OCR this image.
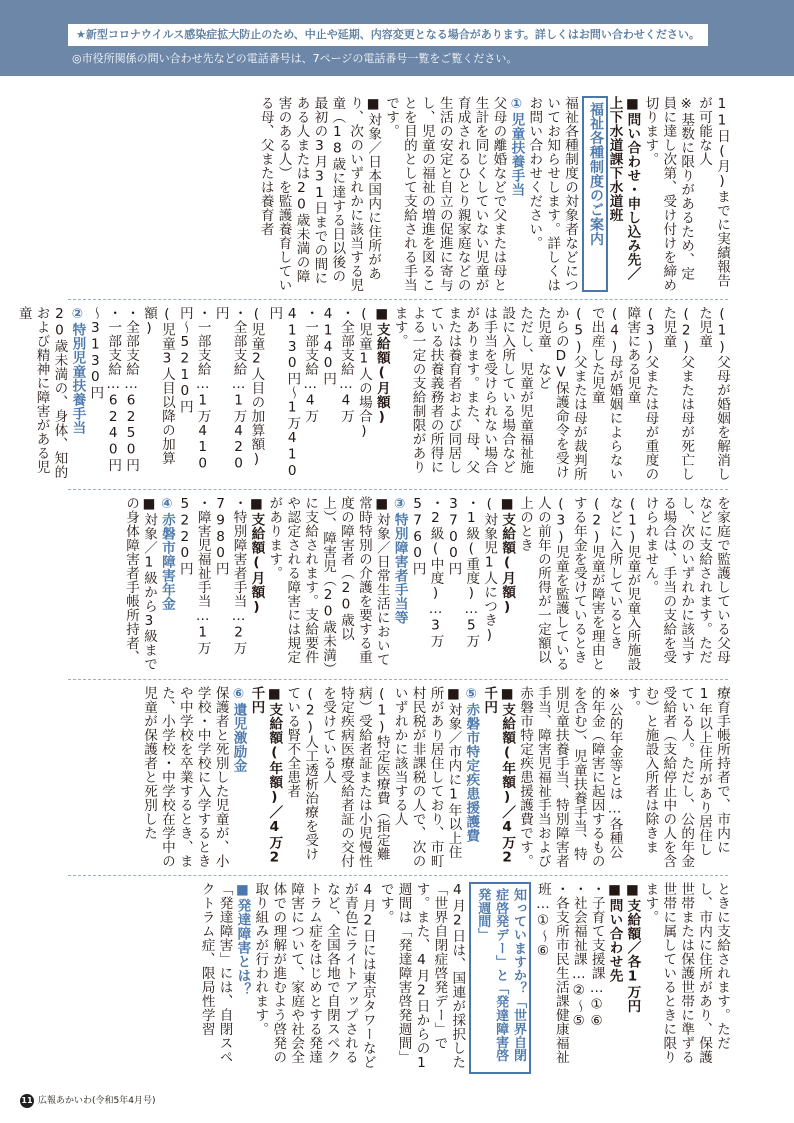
★新型コロナウイルス感染症拡大防止のため、中止や延期、内容変更となる場合があります。詳しくはお問い合わせください。
◎市役所関係の問い合わせ先などの電話番号は、7ページの電話番号一覧をご覧ください。
11日(月)までに実績報告が可能な人
※基数に限りがあるため、定員に達し次第、受け付けを締め切ります。
■問い合わせ・申し込み先／上下水道課下水道班
福祉各種制度のご案内
福祉各種制度の対象者などについてお知らせします。詳しくはお問い合わせください。
①児童扶養手当
父母の離婚などで父または母と生計を同じくしていない児童が育成されるひとり親家庭などの生活の安定と自立の促進に寄与し、児童の福祉の増進を図ることを目的として支給される手当です。
■対象／日本国内に住所があり、次のいずれかに該当する児童（18歳に達する日以後の最初の3月31日までの間にある人または20歳未満の障害のある人）を監護養育している母、父または養育者
(1)父母が婚姻を解消した児童
(2)父または母が死亡した児童
(3)父または母が重度の障害にある児童
(4)母が婚姻によらないで出産した児童
(5)父または母が裁判所からのDV保護命令を受けた児童　など
ただし、児童が児童福祉施設に入所している場合などは手当を受けられない場合があります。また、母、父または養育者および同居している扶養義務者の所得による一定の支給制限があります。
■支給額(月額)
(児童1人の場合)
・全部支給…4万4140円
・一部支給…4万4130円～1万410円
(児童2人目の加算額)
・全部支給…1万420円
・一部支給…1万410円～5210円
(児童3人目以降の加算額)
・全部支給…6250円
・一部支給…6240円～3130円
②特別児童扶養手当
20歳未満の、身体、知的および精神に障害がある児童
を家庭で監護している父母などに支給されます。ただし、次のいずれかに該当する場合は、手当の支給を受けられません。
(1)児童が児童入所施設などに入所しているとき
(2)児童が障害を理由とする年金を受けているとき
(3)児童を監護している人の前年の所得が一定額以上のとき
■支給額(月額)
(対象児1人につき)
・1級(重度)…5万3700円
・2級(中度)…3万5760円
③特別障害者手当等
■対象／日常生活において常時特別の介護を要する重度の障害者（20歳以上）、障害児（20歳未満）に支給されます。支給要件や認定される障害には規定があります。
■支給額(月額)
・特別障害者手当…2万7980円
・障害児福祉手当…1万5220円
④赤磐市障害年金
■対象／1級から3級までの身体障害者手帳所持者、
療育手帳所持者で、市内に1年以上住所があり居住している人。ただし、公的年金受給者（支給停止中の人を含む）と施設入所者は除きます。
※公的年金等とは…各種公的年金（障害に起因するものを含む）、児童扶養手当、特別児童扶養手当、特別障害者手当、障害児福祉手当および赤磐市特定疾患援護費です。
■支給額(年額)／4万2千円
⑤赤磐市特定疾患援護費
■対象／市内に1年以上住所があり居住しており、市町村民税が非課税の人で、次のいずれかに該当する人
(1)特定医療費（指定難病）受給者証または小児慢性特定疾病医療受給者証の交付を受けている人
(2)人工透析治療を受けている腎不全患者
■支給額(年額)／4万2千円
⑥遺児激励金
保護者と死別した児童が、小学校・中学校に入学するときや中学校を卒業するとき、また、小学校・中学校在学中の児童が保護者と死別した
ときに支給されます。ただし、市内に住所があり、保護世帯または保護世帯に準ずる世帯に属しているときに限ります。
■支給額／各1万円
■問い合わせ先
・子育て支援課…①⑥
・社会福祉課…②～⑤
・各支所市民生活課健康福祉班…①～⑥
知っていますか？「世界自閉症啓発デー」と「発達障害啓発週間」
4月2日は、国連が採択した「世界自閉症啓発デー」です。また、4月2日からの1週間は「発達障害啓発週間」です。
4月2日には東京タワーなどが青色にライトアップされるなど、全国各地で自閉スペクトラム症をはじめとする発達障害について、家庭や社会全体での理解が進むよう啓発の取り組みが行われます。
■発達障害とは？
「発達障害」には、自閉スペクトラム症、限局性学習
11 広報あかいわ(令和5年4月号)
